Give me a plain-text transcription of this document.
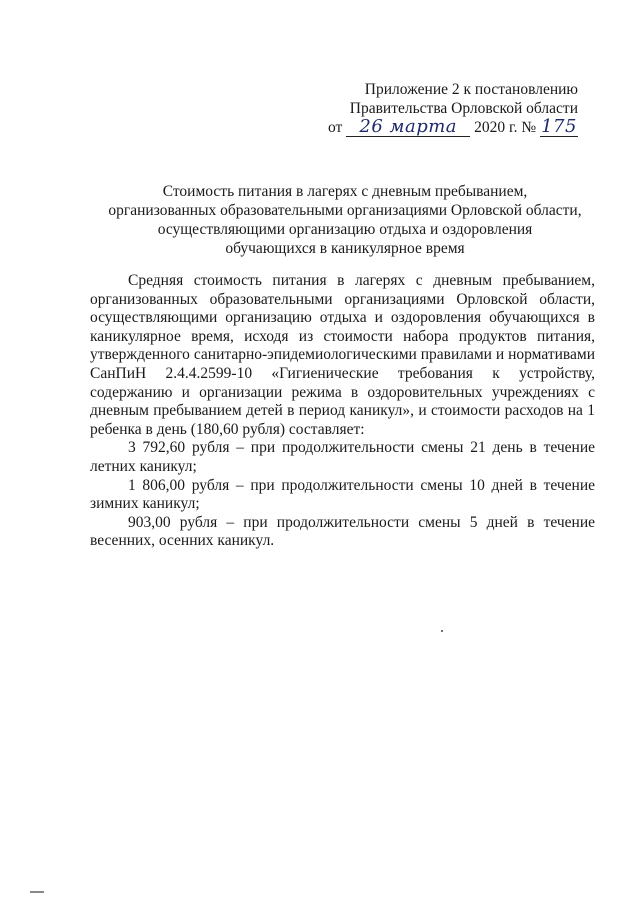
Приложение 2 к постановлению
Правительства Орловской области
от 26 марта 2020 г. № 175
Стоимость питания в лагерях с дневным пребыванием,
организованных образовательными организациями Орловской области,
осуществляющими организацию отдыха и оздоровления
обучающихся в каникулярное время

Средняя стоимость питания в лагерях с дневным пребыванием, организованных образовательными организациями Орловской области, осуществляющими организацию отдыха и оздоровления обучающихся в каникулярное время, исходя из стоимости набора продуктов питания, утвержденного санитарно-эпидемиологическими правилами и нормативами СанПиН 2.4.4.2599-10 «Гигиенические требования к устройству, содержанию и организации режима в оздоровительных учреждениях с дневным пребыванием детей в период каникул», и стоимости расходов на 1 ребенка в день (180,60 рубля) составляет:

3 792,60 рубля – при продолжительности смены 21 день в течение летних каникул;

1 806,00 рубля – при продолжительности смены 10 дней в течение зимних каникул;

903,00 рубля – при продолжительности смены 5 дней в течение весенних, осенних каникул.
